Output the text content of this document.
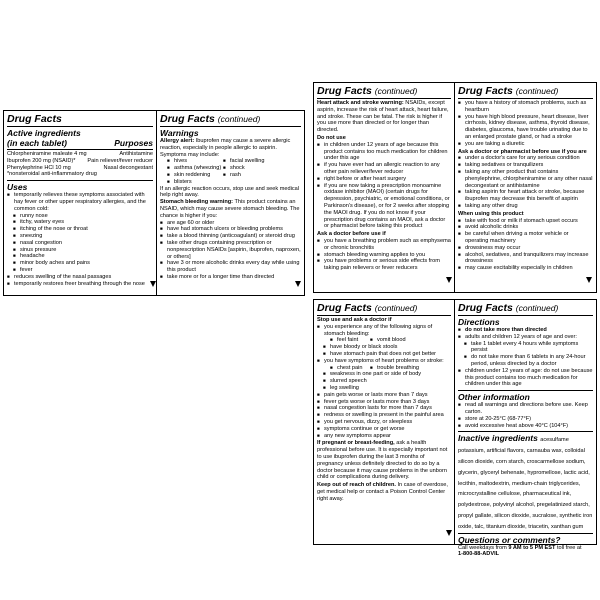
Drug Facts
Active ingredients
(in each tablet)	Purposes
Chlorpheniramine maleate 4 mg	Antihistamine
Ibuprofen 200 mg (NSAID)* Pain reliever/fever reducer
Phenylephrine HCl 10 mg	Nasal decongestant
*nonsteroidal anti-inflammatory drug
Uses
■ temporarily relieves these symptoms associated with hay fever or other upper respiratory allergies, and the common cold:
■ runny nose
■ itchy, watery eyes
■ itching of the nose or throat
■ sneezing
■ nasal congestion
■ sinus pressure
■ headache
■ minor body aches and pains
■ fever
■ reduces swelling of the nasal passages
■ temporarily restores freer breathing through the nose
Drug Facts (continued)
Warnings
Allergy alert: Ibuprofen may cause a severe allergic reaction, especially in people allergic to aspirin. Symptoms may include:
■ hives	■ facial swelling
■ asthma (wheezing)	■ shock
■ skin reddening	■ rash
■ blisters
If an allergic reaction occurs, stop use and seek medical help right away.
Stomach bleeding warning: This product contains an NSAID, which may cause severe stomach bleeding. The chance is higher if you:
■ are age 60 or older
■ have had stomach ulcers or bleeding problems
■ take a blood thinning (anticoagulant) or steroid drug
■ take other drugs containing prescription or nonprescription NSAIDs [aspirin, ibuprofen, naproxen, or others]
■ have 3 or more alcoholic drinks every day while using this product
■ take more or for a longer time than directed
Drug Facts (continued)
Heart attack and stroke warning: NSAIDs, except aspirin, increase the risk of heart attack, heart failure, and stroke. These can be fatal. The risk is higher if you use more than directed or for longer than directed.
Do not use
■ in children under 12 years of age because this product contains too much medication for children under this age
■ if you have ever had an allergic reaction to any other pain reliever/fever reducer
■ right before or after heart surgery
■ if you are now taking a prescription monoamine oxidase inhibitor (MAOI) (certain drugs for depression, psychiatric, or emotional conditions, or Parkinson's disease), or for 2 weeks after stopping the MAOI drug. If you do not know if your prescription drug contains an MAOI, ask a doctor or pharmacist before taking this product
Ask a doctor before use if
■ you have a breathing problem such as emphysema or chronic bronchitis
■ stomach bleeding warning applies to you
■ you have problems or serious side effects from taking pain relievers or fever reducers
Drug Facts (continued)
■ you have a history of stomach problems, such as heartburn
■ you have high blood pressure, heart disease, liver cirrhosis, kidney disease, asthma, thyroid disease, diabetes, glaucoma, have trouble urinating due to an enlarged prostate gland, or had a stroke
■ you are taking a diuretic
Ask a doctor or pharmacist before use if you are
■ under a doctor's care for any serious condition
■ taking sedatives or tranquilizers
■ taking any other product that contains phenylephrine, chlorpheniramine or any other nasal decongestant or antihistamine
■ taking aspirin for heart attack or stroke, because ibuprofen may decrease this benefit of aspirin
■ taking any other drug
When using this product
■ take with food or milk if stomach upset occurs
■ avoid alcoholic drinks
■ be careful when driving a motor vehicle or operating machinery
■ drowsiness may occur
■ alcohol, sedatives, and tranquilizers may increase drowsiness
■ may cause excitability especially in children
Drug Facts (continued)
Stop use and ask a doctor if
■ you experience any of the following signs of stomach bleeding:
■ feel faint	■ vomit blood
■ have bloody or black stools
■ have stomach pain that does not get better
■ you have symptoms of heart problems or stroke:
■ chest pain	■ trouble breathing
■ weakness in one part or side of body
■ slurred speech
■ leg swelling
■ pain gets worse or lasts more than 7 days
■ fever gets worse or lasts more than 3 days
■ nasal congestion lasts for more than 7 days
■ redness or swelling is present in the painful area
■ you get nervous, dizzy, or sleepless
■ symptoms continue or get worse
■ any new symptoms appear
If pregnant or breast-feeding, ask a health professional before use. It is especially important not to use ibuprofen during the last 3 months of pregnancy unless definitely directed to do so by a doctor because it may cause problems in the unborn child or complications during delivery.
Keep out of reach of children. In case of overdose, get medical help or contact a Poison Control Center right away.
Drug Facts (continued)
Directions
■ do not take more than directed
■ adults and children 12 years of age and over:
■ take 1 tablet every 4 hours while symptoms persist
■ do not take more than 6 tablets in any 24-hour period, unless directed by a doctor
■ children under 12 years of age: do not use because this product contains too much medication for children under this age
Other information
■ read all warnings and directions before use. Keep carton.
■ store at 20-25°C (68-77°F)
■ avoid excessive heat above 40°C (104°F)
Inactive ingredients acesulfame potassium, artificial flavors, carnauba wax, colloidal silicon dioxide, corn starch, croscarmellose sodium, glycerin, glyceryl behenate, hypromellose, lactic acid, lecithin, maltodextrin, medium-chain triglycerides, microcrystalline cellulose, pharmaceutical ink, polydextrose, polyvinyl alcohol, pregelatinized starch, propyl gallate, silicon dioxide, sucralose, synthetic iron oxide, talc, titanium dioxide, triacetin, xanthan gum
Questions or comments?
Call weekdays from 9 AM to 5 PM EST toll free at
1-800-88-ADVIL
